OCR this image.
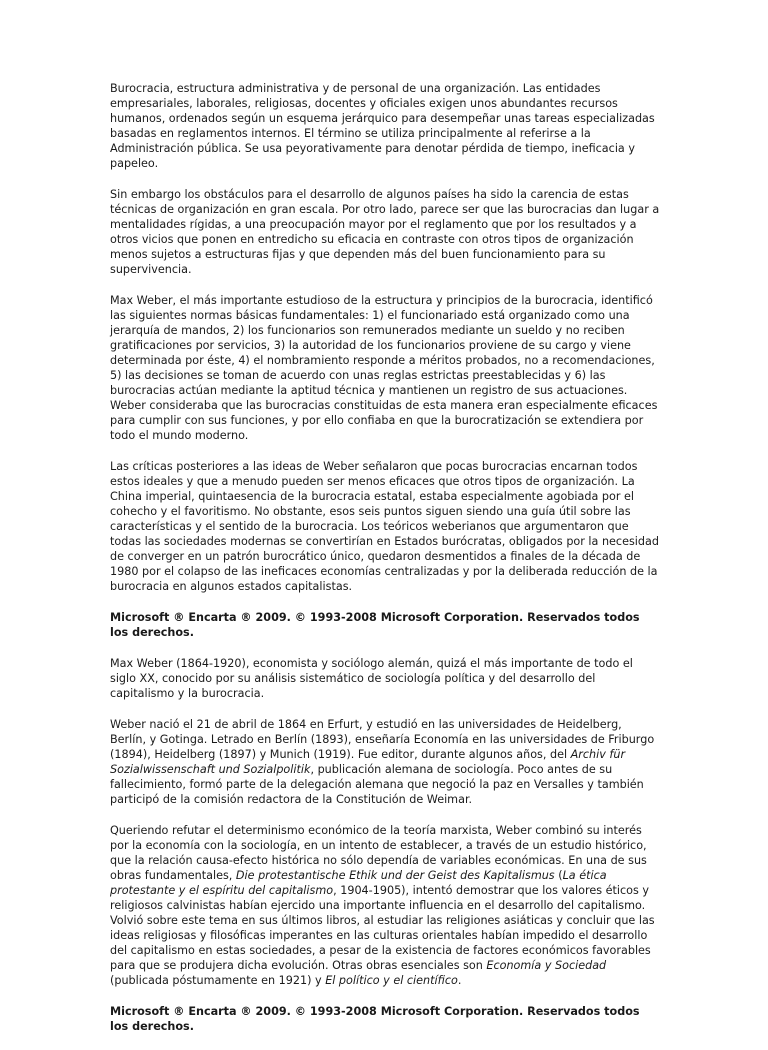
Burocracia, estructura administrativa y de personal de una organización. Las entidades empresariales, laborales, religiosas, docentes y oficiales exigen unos abundantes recursos humanos, ordenados según un esquema jerárquico para desempeñar unas tareas especializadas basadas en reglamentos internos. El término se utiliza principalmente al referirse a la Administración pública. Se usa peyorativamente para denotar pérdida de tiempo, ineficacia y papeleo.

Sin embargo los obstáculos para el desarrollo de algunos países ha sido la carencia de estas técnicas de organización en gran escala. Por otro lado, parece ser que las burocracias dan lugar a mentalidades rígidas, a una preocupación mayor por el reglamento que por los resultados y a otros vicios que ponen en entredicho su eficacia en contraste con otros tipos de organización menos sujetos a estructuras fijas y que dependen más del buen funcionamiento para su supervivencia.

Max Weber, el más importante estudioso de la estructura y principios de la burocracia, identificó las siguientes normas básicas fundamentales: 1) el funcionariado está organizado como una jerarquía de mandos, 2) los funcionarios son remunerados mediante un sueldo y no reciben gratificaciones por servicios, 3) la autoridad de los funcionarios proviene de su cargo y viene determinada por éste, 4) el nombramiento responde a méritos probados, no a recomendaciones, 5) las decisiones se toman de acuerdo con unas reglas estrictas preestablecidas y 6) las burocracias actúan mediante la aptitud técnica y mantienen un registro de sus actuaciones. Weber consideraba que las burocracias constituidas de esta manera eran especialmente eficaces para cumplir con sus funciones, y por ello confiaba en que la burocratización se extendiera por todo el mundo moderno.

Las críticas posteriores a las ideas de Weber señalaron que pocas burocracias encarnan todos estos ideales y que a menudo pueden ser menos eficaces que otros tipos de organización. La China imperial, quintaesencia de la burocracia estatal, estaba especialmente agobiada por el cohecho y el favoritismo. No obstante, esos seis puntos siguen siendo una guía útil sobre las características y el sentido de la burocracia. Los teóricos weberianos que argumentaron que todas las sociedades modernas se convertirían en Estados burócratas, obligados por la necesidad de converger en un patrón burocrático único, quedaron desmentidos a finales de la década de 1980 por el colapso de las ineficaces economías centralizadas y por la deliberada reducción de la burocracia en algunos estados capitalistas.

Microsoft ® Encarta ® 2009. © 1993-2008 Microsoft Corporation. Reservados todos los derechos.

Max Weber (1864-1920), economista y sociólogo alemán, quizá el más importante de todo el siglo XX, conocido por su análisis sistemático de sociología política y del desarrollo del capitalismo y la burocracia.

Weber nació el 21 de abril de 1864 en Erfurt, y estudió en las universidades de Heidelberg, Berlín, y Gotinga. Letrado en Berlín (1893), enseñaría Economía en las universidades de Friburgo (1894), Heidelberg (1897) y Munich (1919). Fue editor, durante algunos años, del Archiv für Sozialwissenschaft und Sozialpolitik, publicación alemana de sociología. Poco antes de su fallecimiento, formó parte de la delegación alemana que negoció la paz en Versalles y también participó de la comisión redactora de la Constitución de Weimar.

Queriendo refutar el determinismo económico de la teoría marxista, Weber combinó su interés por la economía con la sociología, en un intento de establecer, a través de un estudio histórico, que la relación causa-efecto histórica no sólo dependía de variables económicas. En una de sus obras fundamentales, Die protestantische Ethik und der Geist des Kapitalismus (La ética protestante y el espíritu del capitalismo, 1904-1905), intentó demostrar que los valores éticos y religiosos calvinistas habían ejercido una importante influencia en el desarrollo del capitalismo. Volvió sobre este tema en sus últimos libros, al estudiar las religiones asiáticas y concluir que las ideas religiosas y filosóficas imperantes en las culturas orientales habían impedido el desarrollo del capitalismo en estas sociedades, a pesar de la existencia de factores económicos favorables para que se produjera dicha evolución. Otras obras esenciales son Economía y Sociedad (publicada póstumamente en 1921) y El político y el científico.

Microsoft ® Encarta ® 2009. © 1993-2008 Microsoft Corporation. Reservados todos los derechos.
